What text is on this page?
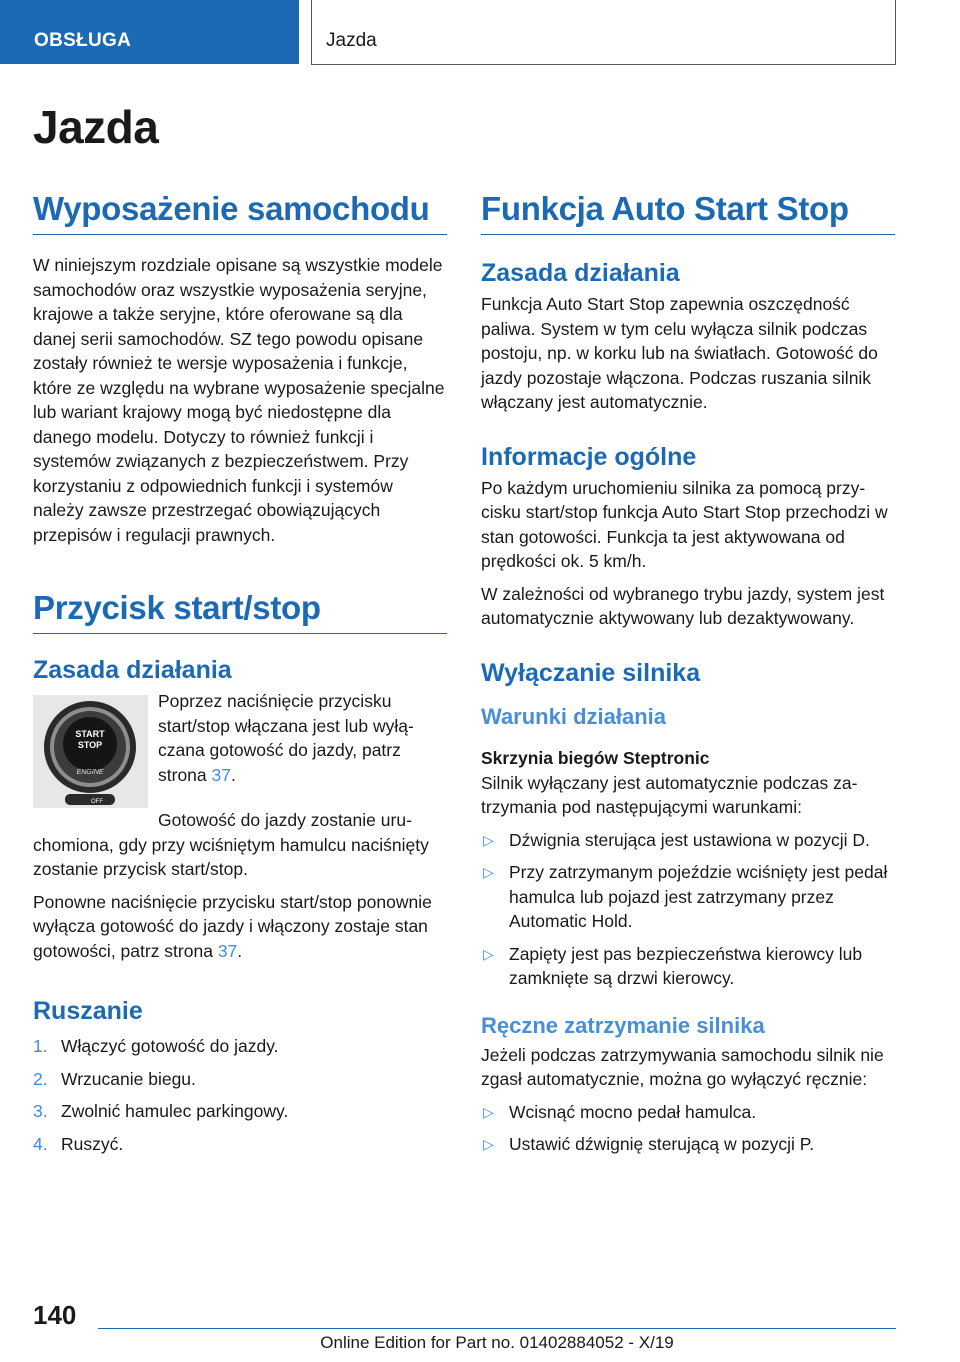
OBSŁUGA	Jazda
Jazda
Wyposażenie samochodu

W niniejszym rozdziale opisane są wszystkie modele samochodów oraz wszystkie wyposażenia seryjne, krajowe a także seryjne, które oferowane są dla danej serii samochodów. SZ tego powodu opisane zostały również te wersje wyposażenia i funkcje, które ze względu na wybrane wyposażenie specjalne lub wariant krajowy mogą być niedostępne dla danego modelu. Dotyczy to również funkcji i systemów związanych z bezpieczeństwem. Przy korzystaniu z odpowiednich funkcji i systemów należy zawsze przestrzegać obowiązujących przepisów i regulacji prawnych.

Przycisk start/stop
Zasada działania
START
STOP
ENGINE
OFF

Poprzez naciśnięcie przycisku start/stop włączana jest lub wyłączana gotowość do jazdy, patrz strona 37.

Gotowość do jazdy zostanie uruchomiona, gdy przy wciśniętym hamulcu naciśnięty zostanie przycisk start/stop.

Ponowne naciśnięcie przycisku start/stop ponownie wyłącza gotowość do jazdy i włączony zostaje stan gotowości, patrz strona 37.

Ruszanie
1. Włączyć gotowość do jazdy.
2. Wrzucanie biegu.
3. Zwolnić hamulec parkingowy.
4. Ruszyć.
Funkcja Auto Start Stop
Zasada działania

Funkcja Auto Start Stop zapewnia oszczędność paliwa. System w tym celu wyłącza silnik podczas postoju, np. w korku lub na światłach. Gotowość do jazdy pozostaje włączona. Podczas ruszania silnik włączany jest automatycznie.

Informacje ogólne

Po każdym uruchomieniu silnika za pomocą przycisku start/stop funkcja Auto Start Stop przechodzi w stan gotowości. Funkcja ta jest aktywowana od prędkości ok. 5 km/h.

W zależności od wybranego trybu jazdy, system jest automatycznie aktywowany lub dezaktywowany.

Wyłączanie silnika
Warunki działania
Skrzynia biegów Steptronic

Silnik wyłączany jest automatycznie podczas zatrzymania pod następującymi warunkami:

▷ Dźwignia sterująca jest ustawiona w pozycji D.
▷ Przy zatrzymanym pojeździe wciśnięty jest pedał hamulca lub pojazd jest zatrzymany przez Automatic Hold.
▷ Zapięty jest pas bezpieczeństwa kierowcy lub zamknięte są drzwi kierowcy.
Ręczne zatrzymanie silnika

Jeżeli podczas zatrzymywania samochodu silnik nie zgasł automatycznie, można go wyłączyć ręcznie:

▷ Wcisnąć mocno pedał hamulca.
▷ Ustawić dźwignię sterującą w pozycji P.
140
Online Edition for Part no. 01402884052 - X/19
